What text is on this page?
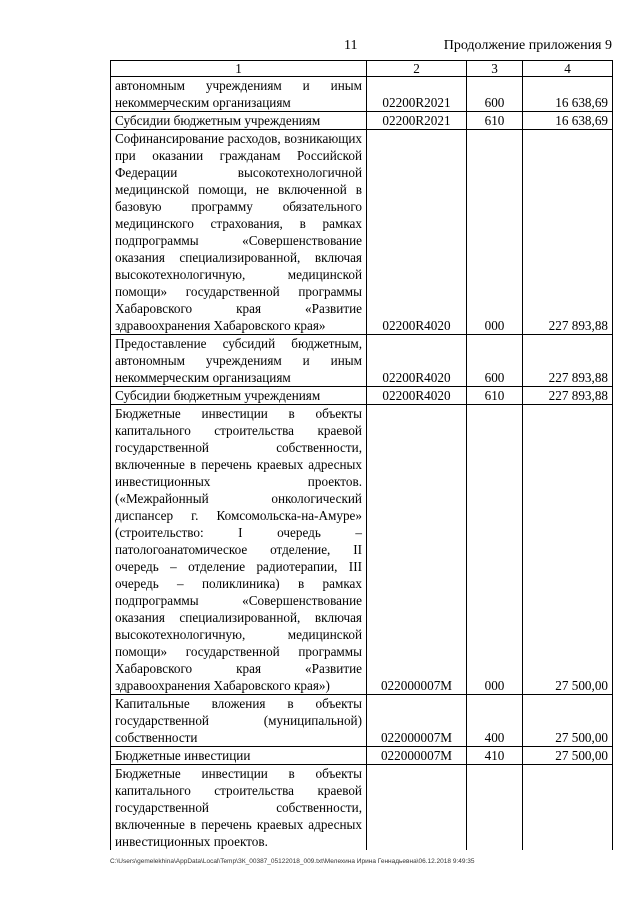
11	Продолжение приложения 9
1	2	3	4
автономным учреждениям и иным некоммерческим организациям	02200R2021	600	16 638,69
Субсидии бюджетным учреждениям	02200R2021	610	16 638,69
Софинансирование расходов, возникающих при оказании гражданам Российской Федерации высокотехнологичной медицинской помощи, не включенной в базовую программу обязательного медицинского страхования, в рамках подпрограммы «Совершенствование оказания специализированной, включая высокотехнологичную, медицинской помощи» государственной программы Хабаровского края «Развитие здравоохранения Хабаровского края»	02200R4020	000	227 893,88
Предоставление субсидий бюджетным, автономным учреждениям и иным некоммерческим организациям	02200R4020	600	227 893,88
Субсидии бюджетным учреждениям	02200R4020	610	227 893,88
Бюджетные инвестиции в объекты капитального строительства краевой государственной собственности, включенные в перечень краевых адресных инвестиционных проектов. («Межрайонный онкологический диспансер г. Комсомольска-на-Амуре» (строительство: I очередь – патологоанатомическое отделение, II очередь – отделение радиотерапии, III очередь – поликлиника) в рамках подпрограммы «Совершенствование оказания специализированной, включая высокотехнологичную, медицинской помощи» государственной программы Хабаровского края «Развитие здравоохранения Хабаровского края»)	022000007М	000	27 500,00
Капитальные вложения в объекты государственной (муниципальной) собственности	022000007М	400	27 500,00
Бюджетные инвестиции	022000007М	410	27 500,00
Бюджетные инвестиции в объекты капитального строительства краевой государственной собственности, включенные в перечень краевых адресных инвестиционных проектов.			
C:\Users\gemelekhina\AppData\Local\Temp\ЗК_00387_05122018_009.txt\Мелехина Ирина Геннадьевна\06.12.2018 9:49:35
